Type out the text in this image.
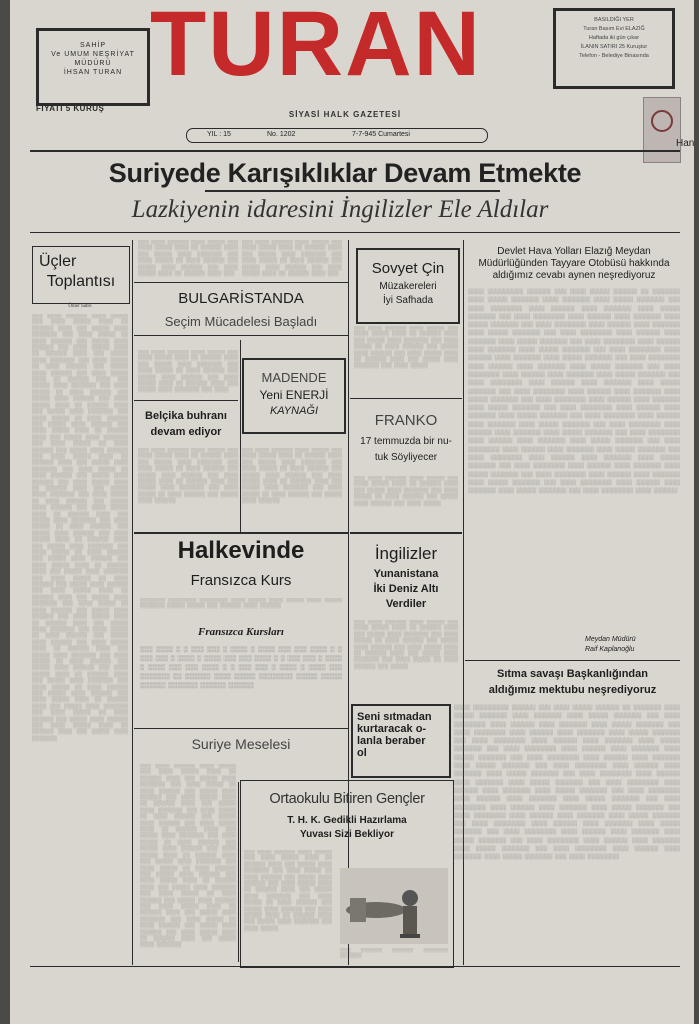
SAHİP
Ve UMUM NEŞRİYAT
MÜDÜRÜ
İHSAN TURAN
FİYATI 5 KURUŞ
TURAN	BASILDIĞI YER
Turan Basım Evi ELAZIĞ
Haftada iki gün çıkar
İLANIN SATIRI 25 Kuruştur
Telefon - Belediye Binasında
Han
SİYASİ HALK GAZETESİ
YIL : 15	No. 1202	7-7-945 Cumartesi
Suriyede Karışıklıklar Devam Etmekte
Lazkiyenin idaresini İngilizler Ele Aldılar
Üçler
Toplantısı
Ömer Sabri
░░░ ░░░░ ░░░░░░ ░░░░ ░░░░░ ░░░ ░░░░ ░░░░░ ░░░░ ░░ ░░░░░░ ░░░░ ░░░ ░░░░░ ░░░░ ░░░░░░░ ░░░ ░░░░ ░░░░░ ░░ ░░░░ ░░░░░░ ░░░ ░░░░░ ░░░░ ░░░░░░ ░░░ ░░░░ ░░░░░ ░░░░ ░░ ░░░░░░ ░░░░ ░░░ ░░░░░ ░░░░ ░░░░░░░ ░░░ ░░░░ ░░░░░ ░░ ░░░░ ░░░░░░ ░░░ ░░░░░ ░░░░ ░░░░░░ ░░░ ░░░░ ░░░░░ ░░░░ ░░ ░░░░░░ ░░░░ ░░░ ░░░░░ ░░░░ ░░░░░░░ ░░░ ░░░░ ░░░░░ ░░ ░░░░ ░░░░░░ ░░░ ░░░░░ ░░░░ ░░░░░░ ░░░ ░░░░ ░░░░░ ░░░░ ░░ ░░░░░░ ░░░░ ░░░ ░░░░░ ░░░░ ░░░░░░░ ░░░ ░░░░ ░░░░░ ░░ ░░░░ ░░░░░░ ░░░ ░░░░░ ░░░░ ░░░░░░ ░░░ ░░░░ ░░░░░ ░░░░ ░░ ░░░░░░ ░░░░ ░░░ ░░░░░ ░░░░ ░░░░░░░ ░░░ ░░░░ ░░░░░ ░░ ░░░░ ░░░░░░ ░░░ ░░░░░ ░░░░ ░░░░░░ ░░░ ░░░░ ░░░░░ ░░░░ ░░ ░░░░░░ ░░░░ ░░░ ░░░░░ ░░░░ ░░░░░░░ ░░░ ░░░░ ░░░░░ ░░ ░░░░ ░░░░░░ ░░░ ░░░░░ ░░░░ ░░░░░░ ░░░ ░░░░ ░░░░░ ░░░░ ░░ ░░░░░░ ░░░░ ░░░ ░░░░░ ░░░░ ░░░░░░░ ░░░ ░░░░ ░░░░░ ░░ ░░░░ ░░░░░░ ░░░ ░░░░░ ░░░░ ░░░░░░ ░░░ ░░░░ ░░░░░ ░░░░ ░░ ░░░░░░ ░░░░ ░░░ ░░░░░ ░░░░ ░░░░░░░ ░░░ ░░░░ ░░░░░ ░░ ░░░░ ░░░░░░ ░░░ ░░░░░ ░░░░ ░░░░░░ ░░░ ░░░░ ░░░░░ ░░░░ ░░ ░░░░░░ ░░░░ ░░░ ░░░░░ ░░░░ ░░░░░░░ ░░░ ░░░░ ░░░░░ ░░ ░░░░ ░░░░░░ ░░░ ░░░░░ ░░░░ ░░░░░░ ░░░ ░░░░ ░░░░░ ░░░░ ░░ ░░░░░░ ░░░░ ░░░ ░░░░░ ░░░░ ░░░░░░░ ░░░ ░░░░ ░░░░░ ░░ ░░░░ ░░░░░░ ░░░ ░░░░░ ░░░░ ░░░░░░ ░░░ ░░░░ ░░░░░ ░░░░ ░░ ░░░░░░ ░░░░ ░░░ ░░░░░ ░░░░ ░░░░░░░ ░░░ ░░░░ ░░░░░ ░░ ░░░░ ░░░░░░ ░░░ ░░░░░ ░░░░ ░░░░░░ ░░░ ░░░░ ░░░░░ ░░░░ ░░ ░░░░░░ ░░░░ ░░░ ░░░░░ ░░░░ ░░░░░░░ ░░░ ░░░░ ░░░░░ ░░ ░░░░ ░░░░░░ ░░░ ░░░░░ ░░░░ ░░░░░░ ░░░ ░░░░ ░░░░░ ░░░░ ░░ ░░░░░░ ░░░░ ░░░ ░░░░░ ░░░░ ░░░░░░░ ░░░ ░░░░ ░░░░░ ░░ ░░░░ ░░░░░░ ░░░ ░░░░░ ░░░░ ░░░░░░ ░░░ ░░░░ ░░░░░ ░░░░ ░░ ░░░░░░ ░░░░ ░░░ ░░░░░ ░░░░ ░░░░░░░ ░░░ ░░░░ ░░░░░ ░░ ░░░░ ░░░░░░ ░░░ ░░░░░ ░░░░ ░░░░░░ ░░░ ░░░░ ░░░░░ ░░░░ ░░ ░░░░░░ ░░░░ ░░░ ░░░░░ ░░░░ ░░░░░░░ ░░░ ░░░░ ░░░░░ ░░ ░░░░ ░░░░░░ ░░░ ░░░░░ ░░░░ ░░░░░░ ░░░ ░░░░ ░░░░░ ░░░░ ░░ ░░░░░░ ░░░░ ░░░ ░░░░░ ░░░░ ░░░░░░░
░░░ ░░░░ ░░░░░░ ░░░░ ░░░░░ ░░░ ░░░░ ░░░░░ ░░░░ ░░ ░░░░░░ ░░░░ ░░░ ░░░░░ ░░░░ ░░░░░░░ ░░░ ░░░░ ░░░░░ ░░ ░░░░ ░░░░░░ ░░░ ░░░░░ ░░░░ ░░░░░░ ░░░ ░░░░ ░░░░░ ░░░░ ░░ ░░░░░░ ░░░░ ░░░
░░░ ░░░░ ░░░░░░ ░░░░ ░░░░░ ░░░ ░░░░ ░░░░░ ░░░░ ░░ ░░░░░░ ░░░░ ░░░ ░░░░░ ░░░░ ░░░░░░░ ░░░ ░░░░ ░░░░░ ░░ ░░░░ ░░░░░░ ░░░ ░░░░░ ░░░░ ░░░░░░ ░░░ ░░░░ ░░░░░ ░░░░ ░░ ░░░░░░ ░░░░ ░░░
BULGARİSTANDA
Seçim Mücadelesi Başladı
░░░ ░░░░ ░░░░░░ ░░░░ ░░░░░ ░░░ ░░░░ ░░░░░ ░░░░ ░░ ░░░░░░ ░░░░ ░░░ ░░░░░ ░░░░ ░░░░░░░ ░░░ ░░░░ ░░░░░ ░░ ░░░░ ░░░░░░ ░░░ ░░░░░ ░░░░ ░░░░░░ ░░░ ░░░░ ░░░░░ ░░░░ ░░ ░░░░░░ ░░░░ ░░░ ░░░░░ ░░░░ ░░░░░░░ ░░░ ░░░░
MADENDE
Yeni ENERJİ
KAYNAĞI
░░░ ░░░░ ░░░░░░ ░░░░ ░░░░░ ░░░ ░░░░ ░░░░░ ░░░░ ░░ ░░░░░░ ░░░░ ░░░ ░░░░░ ░░░░ ░░░░░░░ ░░░ ░░░░ ░░░░░ ░░ ░░░░ ░░░░░░ ░░░ ░░░░░ ░░░░ ░░░░░░ ░░░ ░░░░ ░░░░░ ░░░░ ░░ ░░░░░░ ░░░░ ░░░ ░░░░░ ░░░░ ░░░░░░░ ░░░ ░░░░ ░░░░░ ░░ ░░░░ ░░░░░░ ░░░ ░░░░░ ░░░░ ░░░░░░
Belçika buhranı
devam ediyor
░░░ ░░░░ ░░░░░░ ░░░░ ░░░░░ ░░░ ░░░░ ░░░░░ ░░░░ ░░ ░░░░░░ ░░░░ ░░░ ░░░░░ ░░░░ ░░░░░░░ ░░░ ░░░░ ░░░░░ ░░ ░░░░ ░░░░░░ ░░░ ░░░░░ ░░░░ ░░░░░░ ░░░ ░░░░ ░░░░░ ░░░░ ░░ ░░░░░░ ░░░░ ░░░ ░░░░░ ░░░░ ░░░░░░░ ░░░ ░░░░ ░░░░░ ░░ ░░░░ ░░░░░░ ░░░ ░░░░░ ░░░░ ░░░░░░
Sovyet Çin
Müzakereleri
İyi Safhada
░░░ ░░░░ ░░░░░░ ░░░░ ░░░░░ ░░░ ░░░░ ░░░░░ ░░░░ ░░ ░░░░░░ ░░░░ ░░░ ░░░░░ ░░░░ ░░░░░░░ ░░░ ░░░░ ░░░░░ ░░ ░░░░ ░░░░░░ ░░░ ░░░░░ ░░░░ ░░░░░░ ░░░ ░░░░ ░░░░░ ░░░░ ░░ ░░░░░░ ░░░░ ░░░ ░░░░░ ░░░░ ░░░░░░░ ░░░ ░░░░ ░░░░░
FRANKO
17 temmuzda bir nu-
tuk Söyliyecer
░░░ ░░░░ ░░░░░░ ░░░░ ░░░░░ ░░░ ░░░░ ░░░░░ ░░░░ ░░ ░░░░░░ ░░░░ ░░░ ░░░░░ ░░░░ ░░░░░░░ ░░░ ░░░░ ░░░░░ ░░ ░░░░ ░░░░░░ ░░░ ░░░░░ ░░░░ ░░░░░░ ░░░ ░░░░ ░░░░░
Devlet Hava Yolları Elazığ Meydan Müdürlüğünden Tayyare Otobüsü hakkında aldığımız cevabı aynen neşrediyoruz
░░░░ ░░░░░░░░░ ░░░░░░ ░░░ ░░░░ ░░░░░ ░░░░░░ ░░ ░░░░░░░ ░░░░ ░░░░░ ░░░░░░░ ░░░░ ░░░░░░░ ░░░░ ░░░░░ ░░░░░░░ ░░░ ░░░░ ░░░░░░░░ ░░░░ ░░░░░░ ░░░░ ░░░░░░░ ░░░░ ░░░░░ ░░░░░░░ ░░░ ░░░░ ░░░░░░░░ ░░░░ ░░░░░░ ░░░░ ░░░░░░░ ░░░░ ░░░░░ ░░░░░░░ ░░░ ░░░░ ░░░░░░░░ ░░░░ ░░░░░░ ░░░░ ░░░░░░░ ░░░░ ░░░░░ ░░░░░░░ ░░░ ░░░░ ░░░░░░░░ ░░░░ ░░░░░░ ░░░░ ░░░░░░░ ░░░░ ░░░░░ ░░░░░░░ ░░░ ░░░░ ░░░░░░░░ ░░░░ ░░░░░░ ░░░░ ░░░░░░░ ░░░░ ░░░░░ ░░░░░░░ ░░░ ░░░░ ░░░░░░░░ ░░░░ ░░░░░░ ░░░░ ░░░░░░░ ░░░░ ░░░░░ ░░░░░░░ ░░░ ░░░░ ░░░░░░░░ ░░░░ ░░░░░░ ░░░░ ░░░░░░░ ░░░░ ░░░░░ ░░░░░░░ ░░░ ░░░░ ░░░░░░░░ ░░░░ ░░░░░░ ░░░░ ░░░░░░░ ░░░░ ░░░░░ ░░░░░░░ ░░░ ░░░░ ░░░░░░░░ ░░░░ ░░░░░░ ░░░░ ░░░░░░░ ░░░░ ░░░░░ ░░░░░░░ ░░░ ░░░░ ░░░░░░░░ ░░░░ ░░░░░░ ░░░░ ░░░░░░░ ░░░░ ░░░░░ ░░░░░░░ ░░░ ░░░░ ░░░░░░░░ ░░░░ ░░░░░░ ░░░░ ░░░░░░░ ░░░░ ░░░░░ ░░░░░░░ ░░░ ░░░░ ░░░░░░░░ ░░░░ ░░░░░░ ░░░░ ░░░░░░░ ░░░░ ░░░░░ ░░░░░░░ ░░░ ░░░░ ░░░░░░░░ ░░░░ ░░░░░░ ░░░░ ░░░░░░░ ░░░░ ░░░░░ ░░░░░░░ ░░░ ░░░░ ░░░░░░░░ ░░░░ ░░░░░░ ░░░░ ░░░░░░░ ░░░░ ░░░░░ ░░░░░░░ ░░░ ░░░░ ░░░░░░░░ ░░░░ ░░░░░░ ░░░░ ░░░░░░░ ░░░░ ░░░░░ ░░░░░░░ ░░░ ░░░░ ░░░░░░░░ ░░░░ ░░░░░░ ░░░░ ░░░░░░░ ░░░░ ░░░░░ ░░░░░░░ ░░░ ░░░░ ░░░░░░░░ ░░░░ ░░░░░░ ░░░░ ░░░░░░░ ░░░░ ░░░░░ ░░░░░░░ ░░░ ░░░░ ░░░░░░░░ ░░░░ ░░░░░░ ░░░░ ░░░░░░░ ░░░░ ░░░░░ ░░░░░░░ ░░░ ░░░░ ░░░░░░░░ ░░░░ ░░░░░░ ░░░░ ░░░░░░░ ░░░░ ░░░░░ ░░░░░░░ ░░░ ░░░░ ░░░░░░░░ ░░░░ ░░░░░░ ░░░░ ░░░░░░░ ░░░░ ░░░░░ ░░░░░░░ ░░░ ░░░░ ░░░░░░░░ ░░░░ ░░░░░░
Meydan Müdürü
Raif Kaplanoğlu
Halkevinde
Fransızca Kurs
░░░░░░░ ░░░░░░░░ ░░░░░░░░ ░░░░ ░░░░░ ░░░░ ░░░░░ ░░░░ ░░░░░ ░░░░░░░ ░░░░░ ░░░░░ ░░░ ░░░░░░ ░░░░ ░░░░░░
Fransızca Kursları
░░░ ░░░░ ░ ░ ░░░ ░░░ ░ ░░░░ ░ ░░░░ ░░░ ░░░ ░░░░ ░ ░ ░░░ ░░░ ░ ░░░░ ░ ░░░░ ░░░ ░░░ ░░░░ ░ ░ ░░░ ░░░ ░ ░░░░ ░ ░░░░ ░░░ ░░░ ░░░░ ░ ░ ░░░ ░░░ ░ ░░░░ ░ ░░░░ ░░░ ░░░░░░░ ░░ ░░░░░░ ░░░░ ░░░░░ ░░░░░░░░ ░░░░░ ░░░░░ ░░░░░░ ░░░░░░░ ░░░░░░ ░░░░░░
Suriye Meselesi
░░░ ░░░░ ░░░░░░ ░░░░ ░░░░░ ░░░ ░░░░ ░░░░░ ░░░░ ░░ ░░░░░░ ░░░░ ░░░ ░░░░░ ░░░░ ░░░░░░░ ░░░ ░░░░ ░░░░░ ░░ ░░░░ ░░░░░░ ░░░ ░░░░░ ░░░░ ░░░░░░ ░░░ ░░░░ ░░░░░ ░░░░ ░░ ░░░░░░ ░░░░ ░░░ ░░░░░ ░░░░ ░░░░░░░ ░░░ ░░░░ ░░░░░ ░░ ░░░░ ░░░░░░ ░░░ ░░░░░ ░░░░ ░░░░░░ ░░░ ░░░░ ░░░░░ ░░░░ ░░ ░░░░░░ ░░░░ ░░░ ░░░░░ ░░░░ ░░░░░░░ ░░░ ░░░░ ░░░░░ ░░ ░░░░ ░░░░░░ ░░░ ░░░░░ ░░░░ ░░░░░░ ░░░ ░░░░ ░░░░░ ░░░░ ░░ ░░░░░░ ░░░░ ░░░ ░░░░░ ░░░░ ░░░░░░░ ░░░ ░░░░ ░░░░░ ░░ ░░░░ ░░░░░░ ░░░ ░░░░░ ░░░░ ░░░░░░ ░░░ ░░░░ ░░░░░ ░░░░ ░░ ░░░░░░ ░░░░ ░░░ ░░░░░ ░░░░ ░░░░░░░ ░░░ ░░░░ ░░░░░ ░░ ░░░░ ░░░░░░ ░░░ ░░░░░ ░░░░ ░░░░░░ ░░░ ░░░░ ░░░░░ ░░░░ ░░ ░░░░░░ ░░░░ ░░░ ░░░░░ ░░░░ ░░░░░░░ ░░░ ░░░░ ░░░░░ ░░ ░░░░ ░░░░░░ ░░░ ░░░░░ ░░░░ ░░░░░░ ░░░ ░░░░ ░░░░░ ░░░░ ░░ ░░░░░░ ░░░░ ░░░ ░░░░░ ░░░░ ░░░░░░░
İngilizler
Yunanistana
İki Deniz Altı
Verdiler
░░░ ░░░░ ░░░░░░ ░░░░ ░░░░░ ░░░ ░░░░ ░░░░░ ░░░░ ░░ ░░░░░░ ░░░░ ░░░ ░░░░░ ░░░░ ░░░░░░░ ░░░ ░░░░ ░░░░░ ░░ ░░░░ ░░░░░░ ░░░ ░░░░░ ░░░░ ░░░░░░ ░░░ ░░░░ ░░░░░ ░░░░ ░░ ░░░░░░ ░░░░ ░░░ ░░░░░ ░░░░ ░░░░░░░ ░░░ ░░░░ ░░░░░ ░░ ░░░░ ░░░░░░ ░░░ ░░░░░
Seni sıtmadan
kurtaracak o-
lanla beraber
ol
Sıtma savaşı Başkanlığından
aldığımız mektubu neşrediyoruz
░░░░ ░░░░░░░░░ ░░░░░░ ░░░ ░░░░ ░░░░░ ░░░░░░ ░░ ░░░░░░░ ░░░░ ░░░░░ ░░░░░░░ ░░░░ ░░░░░░░ ░░░░ ░░░░░ ░░░░░░░ ░░░ ░░░░ ░░░░░░░░ ░░░░ ░░░░░░ ░░░░ ░░░░░░░ ░░░░ ░░░░░ ░░░░░░░ ░░░ ░░░░ ░░░░░░░░ ░░░░ ░░░░░░ ░░░░ ░░░░░░░ ░░░░ ░░░░░ ░░░░░░░ ░░░ ░░░░ ░░░░░░░░ ░░░░ ░░░░░░ ░░░░ ░░░░░░░ ░░░░ ░░░░░ ░░░░░░░ ░░░ ░░░░ ░░░░░░░░ ░░░░ ░░░░░░ ░░░░ ░░░░░░░ ░░░░ ░░░░░ ░░░░░░░ ░░░ ░░░░ ░░░░░░░░ ░░░░ ░░░░░░ ░░░░ ░░░░░░░ ░░░░ ░░░░░ ░░░░░░░ ░░░ ░░░░ ░░░░░░░░ ░░░░ ░░░░░░ ░░░░ ░░░░░░░ ░░░░ ░░░░░ ░░░░░░░ ░░░ ░░░░ ░░░░░░░░ ░░░░ ░░░░░░ ░░░░ ░░░░░░░ ░░░░ ░░░░░ ░░░░░░░ ░░░ ░░░░ ░░░░░░░░ ░░░░ ░░░░░░ ░░░░ ░░░░░░░ ░░░░ ░░░░░ ░░░░░░░ ░░░ ░░░░ ░░░░░░░░ ░░░░ ░░░░░░ ░░░░ ░░░░░░░ ░░░░ ░░░░░ ░░░░░░░ ░░░ ░░░░ ░░░░░░░░ ░░░░ ░░░░░░ ░░░░ ░░░░░░░ ░░░░ ░░░░░ ░░░░░░░ ░░░ ░░░░ ░░░░░░░░ ░░░░ ░░░░░░ ░░░░ ░░░░░░░ ░░░░ ░░░░░ ░░░░░░░ ░░░ ░░░░ ░░░░░░░░ ░░░░ ░░░░░░ ░░░░ ░░░░░░░ ░░░░ ░░░░░ ░░░░░░░ ░░░ ░░░░ ░░░░░░░░ ░░░░ ░░░░░░ ░░░░ ░░░░░░░ ░░░░ ░░░░░ ░░░░░░░ ░░░ ░░░░ ░░░░░░░░ ░░░░ ░░░░░░ ░░░░ ░░░░░░░ ░░░░ ░░░░░ ░░░░░░░ ░░░ ░░░░ ░░░░░░░░ ░░░░ ░░░░░░ ░░░░ ░░░░░░░ ░░░░ ░░░░░ ░░░░░░░ ░░░ ░░░░ ░░░░░░░░
Ortaokulu Bitiren Gençler
T. H. K. Gedikli Hazırlama
Yuvası Sizi Bekliyor
░░░ ░░░░ ░░░░░░ ░░░░ ░░░░░ ░░░ ░░░░ ░░░░░ ░░░░ ░░ ░░░░░░ ░░░░ ░░░ ░░░░░ ░░░░ ░░░░░░░ ░░░ ░░░░ ░░░░░ ░░ ░░░░ ░░░░░░ ░░░ ░░░░░ ░░░░ ░░░░░░ ░░░ ░░░░ ░░░░░ ░░░░ ░░ ░░░░░░ ░░░░ ░░░ ░░░░░ ░░░░ ░░░░░░░ ░░░ ░░░░ ░░░░░ ░░ ░░░░ ░░░░░░ ░░░ ░░░░░ ░░░░ ░░░░░░ ░░░ ░░░░ ░░░░░ ░░░░ ░░ ░░░░░░ ░░░░ ░░░ ░░░░░ ░░░░ ░░░░░░░ ░░░ ░░░░ ░░░░░
░░░ ░░░░░░ ░░░░░░ ░░░░░░░ ░░░░░░
